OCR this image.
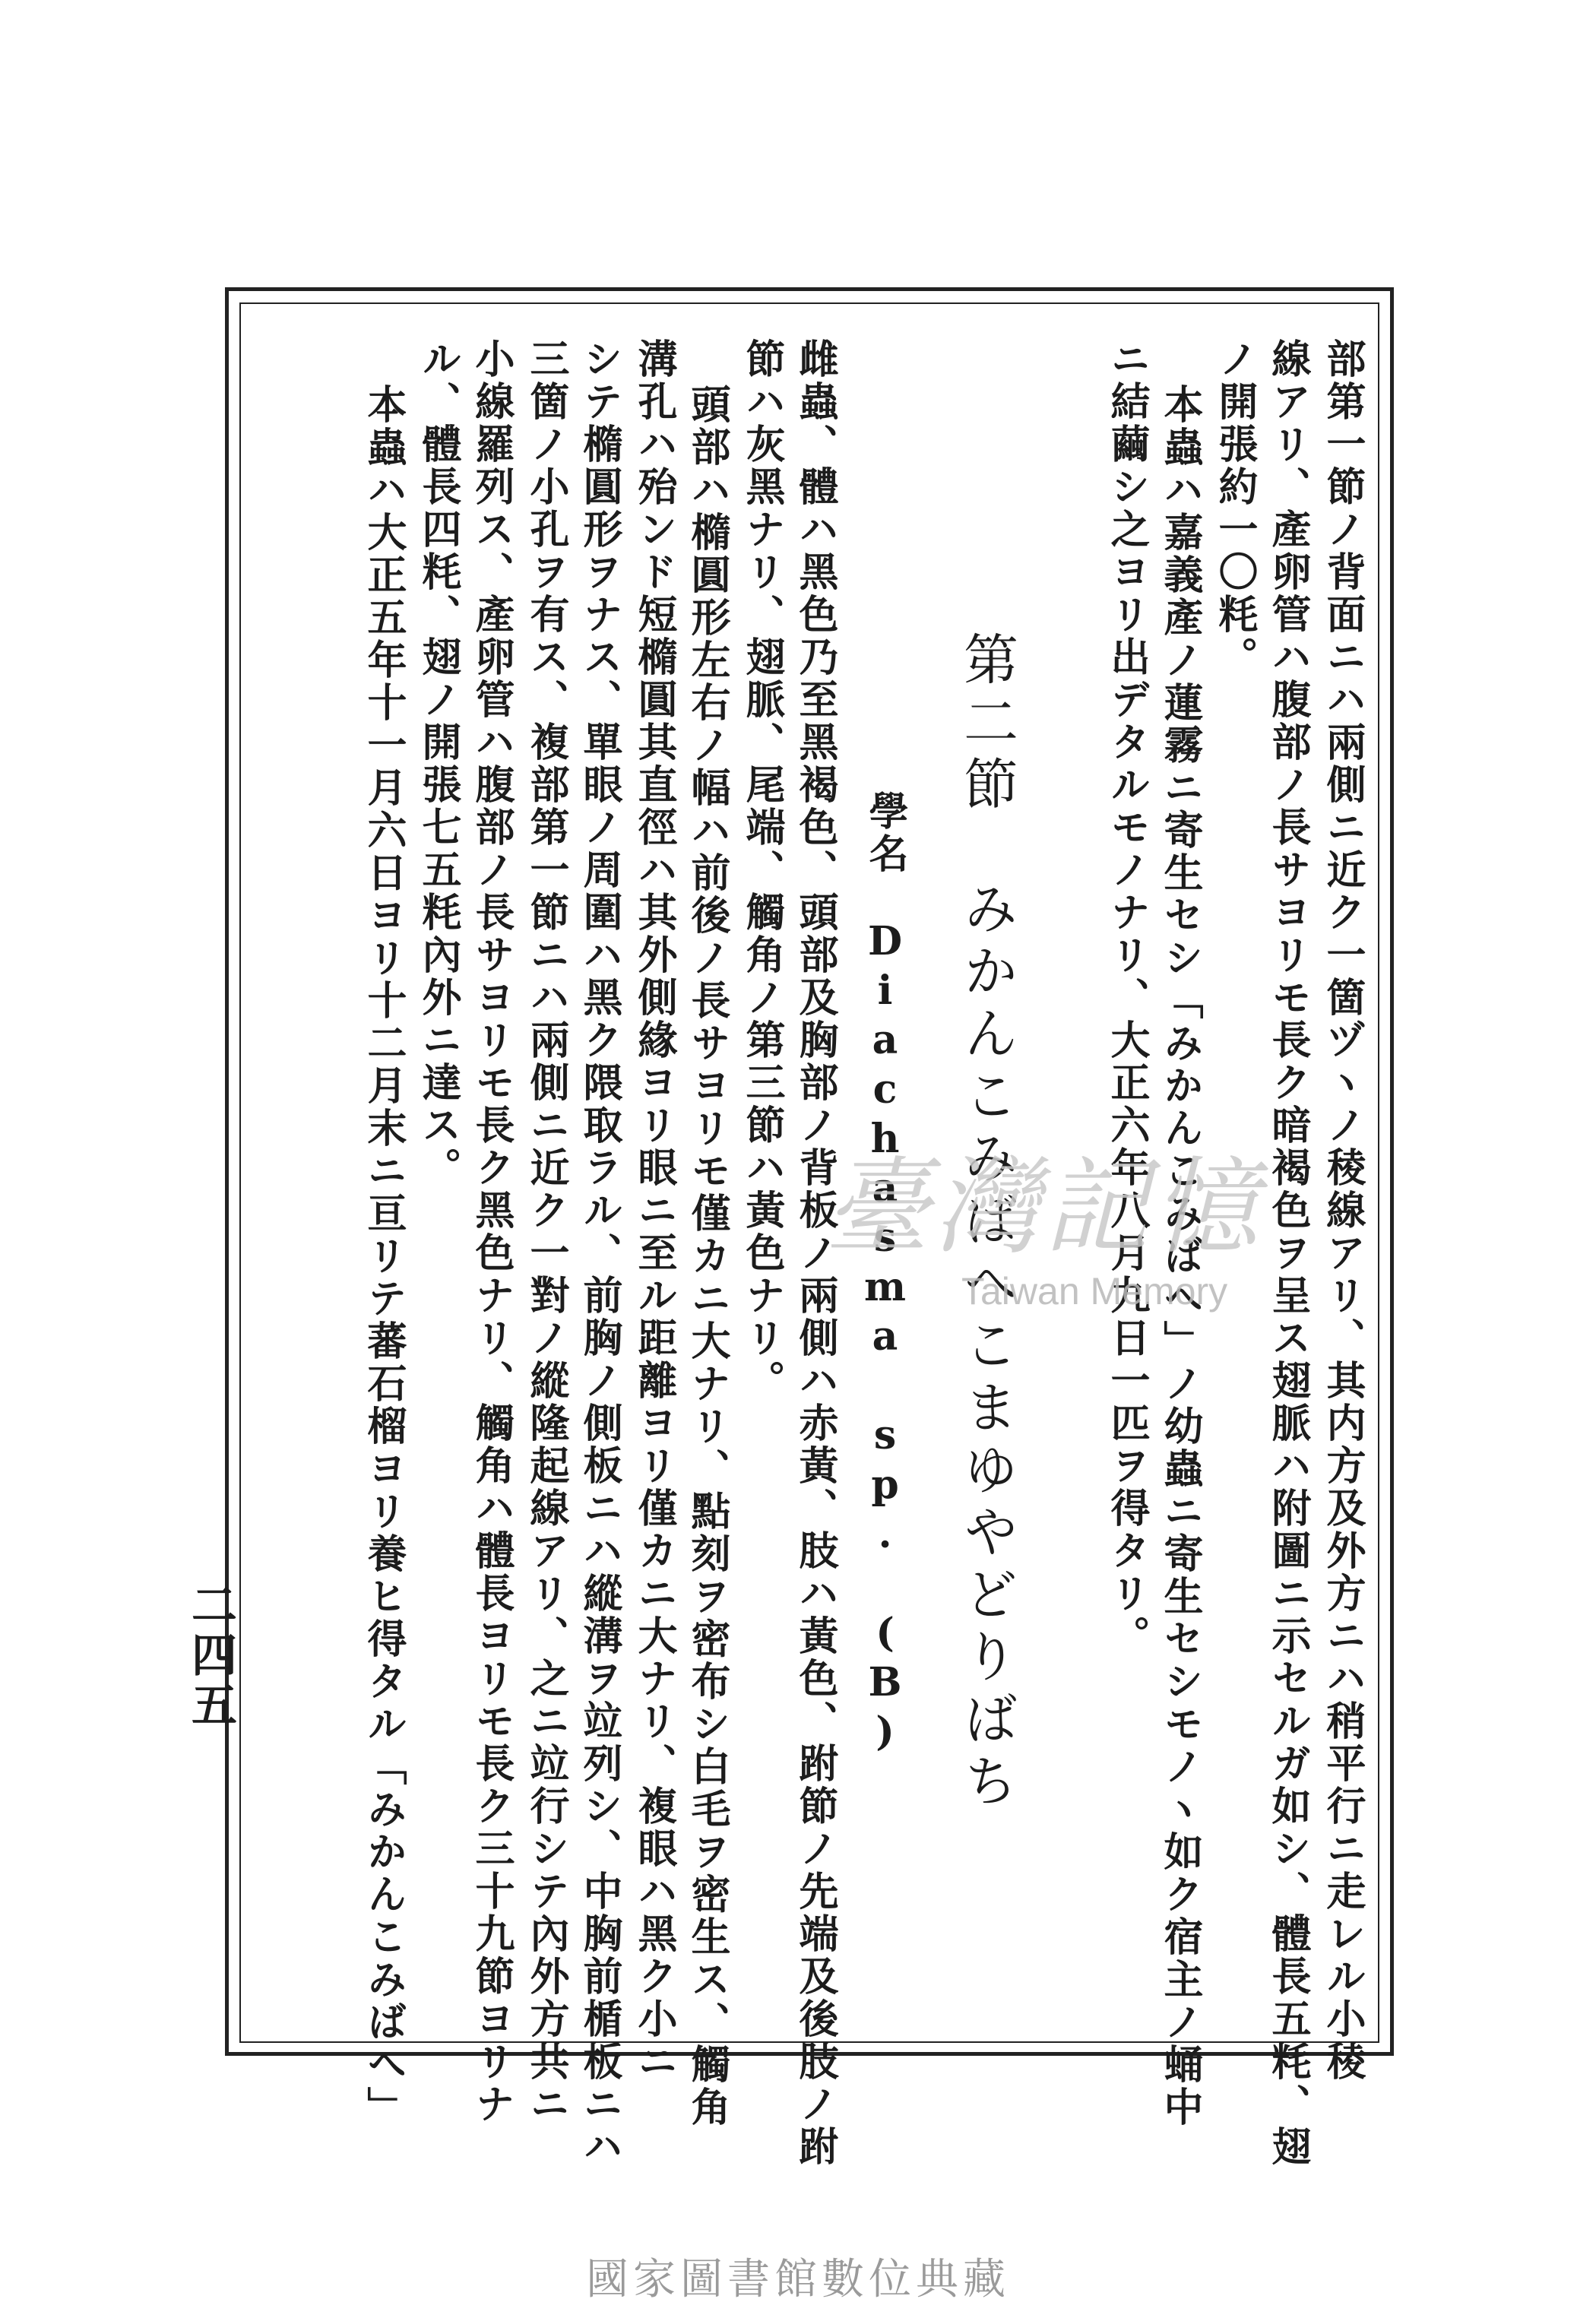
部第一節ノ背面ニハ兩側ニ近ク一箇ヅヽノ稜線アリ、其内方及外方ニハ稍平行ニ走レル小稜
線アリ、產卵管ハ腹部ノ長サヨリモ長ク暗褐色ヲ呈ス翅脈ハ附圖ニ示セルガ如シ、體長五粍、翅
ノ開張約一〇粍。
本蟲ハ嘉義產ノ蓮霧ニ寄生セシ「みかんこみばへ」ノ幼蟲ニ寄生セシモノヽ如ク宿主ノ蛹中
ニ結繭シ之ヨリ出デタルモノナリ、大正六年八月九日一匹ヲ得タリ。
第二節　みかんこみばへこまゆやどりばち
學名　Diachasma sp. (B)
雌蟲、體ハ黑色乃至黑褐色、頭部及胸部ノ背板ノ兩側ハ赤黃、肢ハ黃色、跗節ノ先端及後肢ノ跗
節ハ灰黑ナリ、翅脈、尾端、觸角ノ第三節ハ黃色ナリ。
頭部ハ橢圓形左右ノ幅ハ前後ノ長サヨリモ僅カニ大ナリ、點刻ヲ密布シ白毛ヲ密生ス、觸角
溝孔ハ殆ンド短橢圓其直徑ハ其外側緣ヨリ眼ニ至ル距離ヨリ僅カニ大ナリ、複眼ハ黑ク小ニ
シテ橢圓形ヲナス、單眼ノ周圍ハ黑ク隈取ラル、前胸ノ側板ニハ縱溝ヲ竝列シ、中胸前楯板ニハ
三箇ノ小孔ヲ有ス、複部第一節ニハ兩側ニ近ク一對ノ縱隆起線アリ、之ニ竝行シテ內外方共ニ
小線羅列ス、產卵管ハ腹部ノ長サヨリモ長ク黑色ナリ、觸角ハ體長ヨリモ長ク三十九節ヨリナ
ル、體長四粍、翅ノ開張七五粍內外ニ達ス。
本蟲ハ大正五年十一月六日ヨリ十二月末ニ亘リテ蕃石榴ヨリ養ヒ得タル「みかんこみばへ」
二四五
臺灣記憶
Taiwan Memory
國家圖書館數位典藏
